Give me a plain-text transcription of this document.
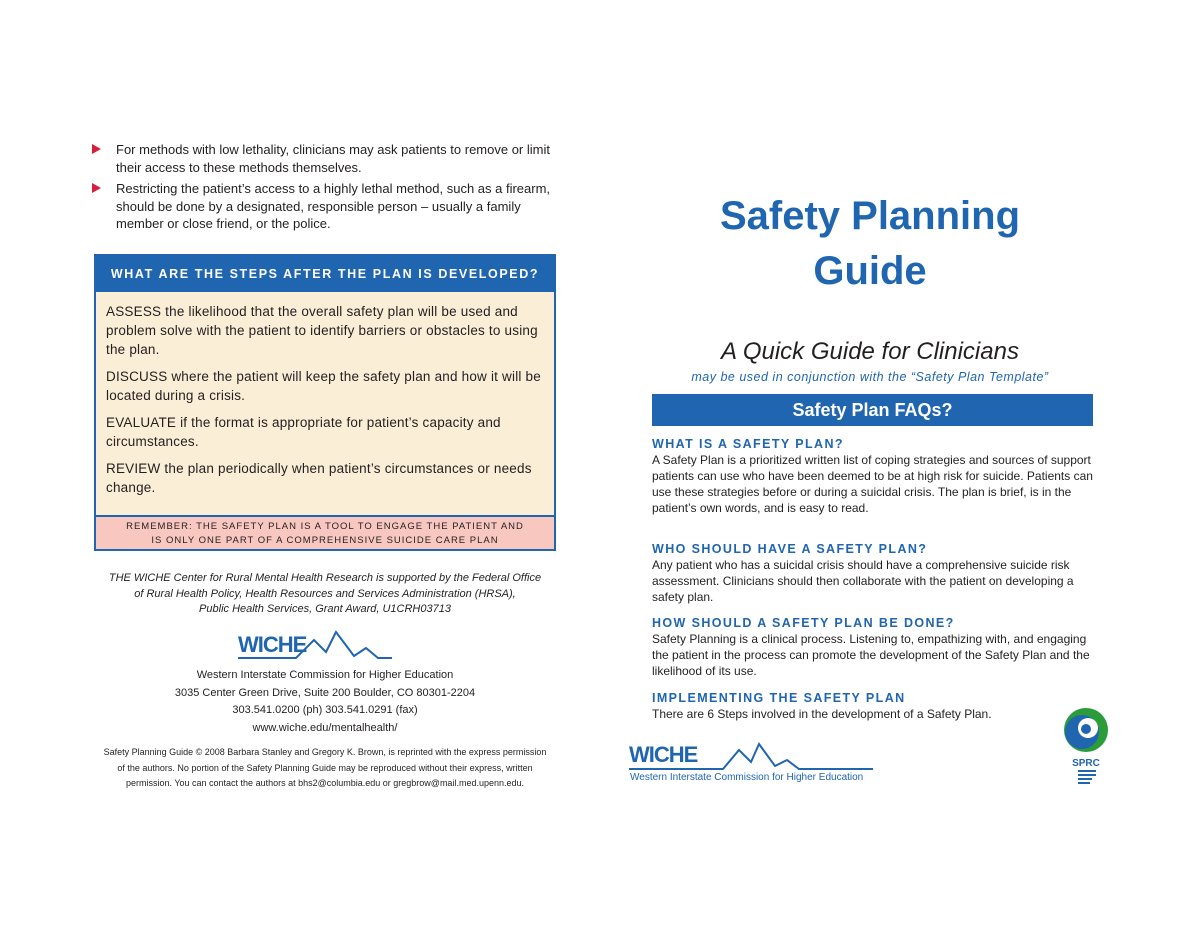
For methods with low lethality, clinicians may ask patients to remove or limit their access to these methods themselves.
Restricting the patient’s access to a highly lethal method, such as a firearm, should be done by a designated, responsible person – usually a family member or close friend, or the police.
WHAT ARE THE STEPS AFTER THE PLAN IS DEVELOPED?

ASSESS the likelihood that the overall safety plan will be used and problem solve with the patient to identify barriers or obstacles to using the plan.

DISCUSS where the patient will keep the safety plan and how it will be located during a crisis.

EVALUATE if the format is appropriate for patient’s capacity and circumstances.

REVIEW the plan periodically when patient’s circumstances or needs change.

REMEMBER: THE SAFETY PLAN IS A TOOL TO ENGAGE THE PATIENT AND
IS ONLY ONE PART OF A COMPREHENSIVE SUICIDE CARE PLAN
THE WICHE Center for Rural Mental Health Research is supported by the Federal Office
of Rural Health Policy, Health Resources and Services Administration (HRSA),
Public Health Services, Grant Award, U1CRH03713
WICHE
Western Interstate Commission for Higher Education
3035 Center Green Drive, Suite 200 Boulder, CO 80301-2204
303.541.0200 (ph) 303.541.0291 (fax)
www.wiche.edu/mentalhealth/
Safety Planning Guide © 2008 Barbara Stanley and Gregory K. Brown, is reprinted with the express permission
of the authors. No portion of the Safety Planning Guide may be reproduced without their express, written
permission. You can contact the authors at bhs2@columbia.edu or gregbrow@mail.med.upenn.edu.
Safety Planning
Guide
A Quick Guide for Clinicians
may be used in conjunction with the “Safety Plan Template”
Safety Plan FAQs?

WHAT IS A SAFETY PLAN?

A Safety Plan is a prioritized written list of coping strategies and sources of support patients can use who have been deemed to be at high risk for suicide. Patients can use these strategies before or during a suicidal crisis. The plan is brief, is in the patient’s own words, and is easy to read.

WHO SHOULD HAVE A SAFETY PLAN?

Any patient who has a suicidal crisis should have a comprehensive suicide risk assessment. Clinicians should then collaborate with the patient on developing a safety plan.

HOW SHOULD A SAFETY PLAN BE DONE?

Safety Planning is a clinical process. Listening to, empathizing with, and engaging the patient in the process can promote the development of the Safety Plan and the likelihood of its use.

IMPLEMENTING THE SAFETY PLAN

There are 6 Steps involved in the development of a Safety Plan.

WICHE
Western Interstate Commission for Higher Education
SPRC
